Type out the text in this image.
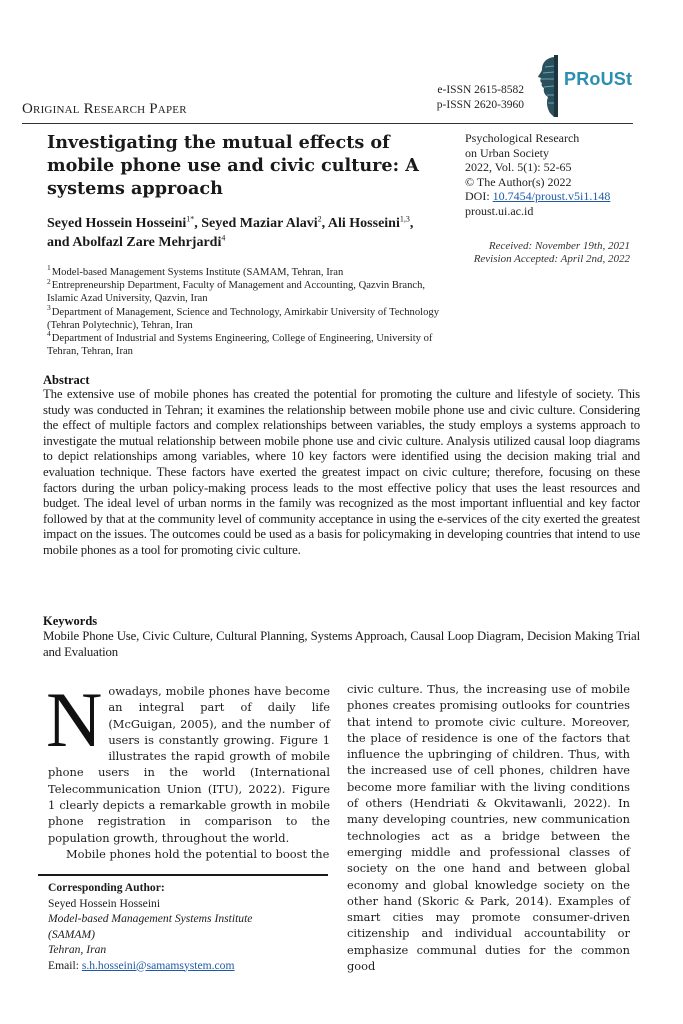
Original Research Paper
e-ISSN 2615-8582
p-ISSN 2620-3960
PRoUSt
Investigating the mutual effects of mobile phone use and civic culture: A systems approach
Seyed Hossein Hosseini$^{1*}$, Seyed Maziar Alavi$^2$, Ali Hosseini$^{1,3}$, and Abolfazl Zare Mehrjardi$^4$
Psychological Research
on Urban Society
2022, Vol. 5(1): 52-65
© The Author(s) 2022
DOI: 10.7454/proust.v5i1.148
proust.ui.ac.id
Received: November 19th, 2021
Revision Accepted: April 2nd, 2022
$^1$Model-based Management Systems Institute (SAMAM, Tehran, Iran
$^2$Entrepreneurship Department, Faculty of Management and Accounting, Qazvin Branch, Islamic Azad University, Qazvin, Iran
$^3$Department of Management, Science and Technology, Amirkabir University of Technology (Tehran Polytechnic), Tehran, Iran
$^4$Department of Industrial and Systems Engineering, College of Engineering, University of Tehran, Tehran, Iran
Abstract
The extensive use of mobile phones has created the potential for promoting the culture and lifestyle of society. This study was conducted in Tehran; it examines the relationship between mobile phone use and civic culture. Considering the effect of multiple factors and complex relationships between variables, the study employs a systems approach to investigate the mutual relationship between mobile phone use and civic culture. Analysis utilized causal loop diagrams to depict relationships among variables, where 10 key factors were identified using the decision making trial and evaluation technique. These factors have exerted the greatest impact on civic culture; therefore, focusing on these factors during the urban policy-making process leads to the most effective policy that uses the least resources and budget. The ideal level of urban norms in the family was recognized as the most important influential and key factor followed by that at the community level of community acceptance in using the e-services of the city exerted the greatest impact on the issues. The outcomes could be used as a basis for policymaking in developing countries that intend to use mobile phones as a tool for promoting civic culture.
Keywords
Mobile Phone Use, Civic Culture, Cultural Planning, Systems Approach, Causal Loop Diagram, Decision Making Trial and Evaluation
Nowadays, mobile phones have become an integral part of daily life (McGuigan, 2005), and the number of users is constantly growing. Figure 1 illustrates the rapid growth of mobile phone users in the world (International Telecommunication Union (ITU), 2022). Figure 1 clearly depicts a remarkable growth in mobile phone registration in comparison to the population growth, throughout the world.
Mobile phones hold the potential to boost the
civic culture. Thus, the increasing use of mobile phones creates promising outlooks for countries that intend to promote civic culture. Moreover, the place of residence is one of the factors that influence the upbringing of children. Thus, with the increased use of cell phones, children have become more familiar with the living conditions of others (Hendriati & Okvitawanli, 2022). In many developing countries, new communication technologies act as a bridge between the emerging middle and professional classes of society on the one hand and between global economy and global knowledge society on the other hand (Skoric & Park, 2014). Examples of smart cities may promote consumer-driven citizenship and individual accountability or emphasize communal duties for the common good
Corresponding Author:
Seyed Hossein Hosseini
Model-based Management Systems Institute
(SAMAM)
Tehran, Iran
Email: s.h.hosseini@samamsystem.com
